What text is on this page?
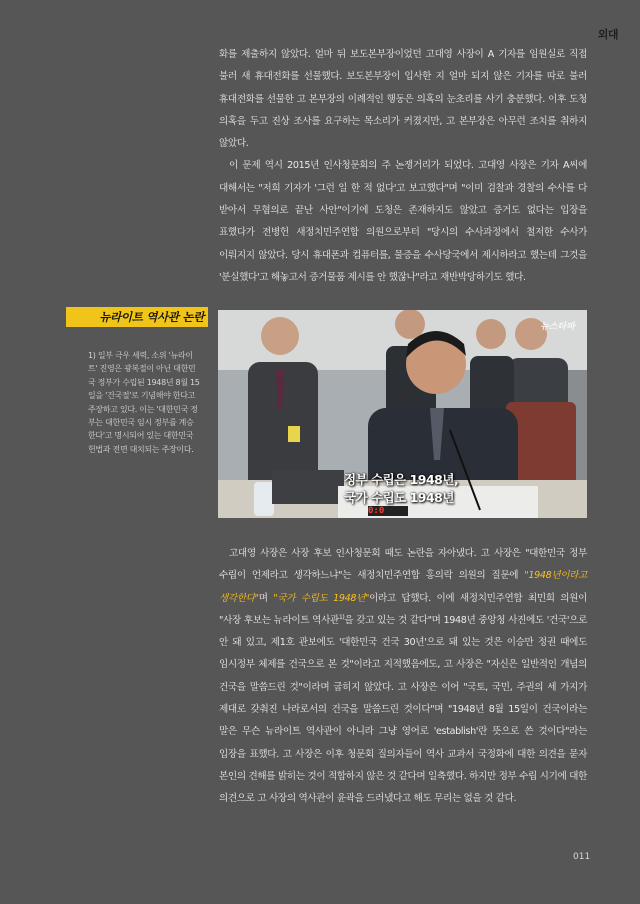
외대

화를 제출하지 않았다. 얼마 뒤 보도본부장이었던 고대영 사장이 A 기자를 임원실로 직접 불러 새 휴대전화를 선물했다. 보도본부장이 입사한 지 얼마 되지 않은 기자를 따로 불러 휴대전화를 선물한 고 본부장의 이례적인 행동은 의혹의 눈초리를 사기 충분했다. 이후 도청 의혹을 두고 진상 조사를 요구하는 목소리가 커졌지만, 고 본부장은 아무런 조치를 취하지 않았다.

이 문제 역시 2015년 인사청문회의 주 논쟁거리가 되었다. 고대영 사장은 기자 A씨에 대해서는 "저희 기자가 '그런 일 한 적 없다'고 보고했다"며 "이미 검찰과 경찰의 수사를 다 받아서 무혐의로 끝난 사안"이기에 도청은 존재하지도 않았고 증거도 없다는 입장을 표했다가 전병헌 새정치민주연합 의원으로부터 "당시의 수사과정에서 철저한 수사가 이뤄지지 않았다. 당시 휴대폰과 컴퓨터를, 물증을 수사당국에서 제시하라고 했는데 그것을 '분실했다'고 해놓고서 증거물품 제시를 안 했잖나"라고 재반박당하기도 했다.

뉴라이트 역사관 논란
1) 일부 극우 세력, 소위 '뉴라이트' 진영은 광복절이 아닌 대한민국 정부가 수립된 1948년 8월 15일을 '건국절'로 기념해야 한다고 주장하고 있다. 이는 '대한민국 정부는 대한민국 임시 정부를 계승한다'고 명시되어 있는 대한민국 헌법과 전면 대치되는 주장이다.
뉴스타파
정부 수립은 1948년,
국가 수립도 1948년
0:0

고대영 사장은 사장 후보 인사청문회 때도 논란을 자아냈다. 고 사장은 "대한민국 정부 수립이 언제라고 생각하느냐"는 새정치민주연합 홍의락 의원의 질문에 "1948년이라고 생각한다"며 "국가 수립도 1948년"이라고 답했다. 이에 새정치민주연합 최민희 의원이 "사장 후보는 뉴라이트 역사관$^{1)}$을 갖고 있는 것 같다"며 1948년 중앙청 사진에도 '건국'으로 안 돼 있고, 제1호 관보에도 '대한민국 건국 30년'으로 돼 있는 것은 이승만 정권 때에도 임시정부 체제를 건국으로 본 것"이라고 지적했음에도, 고 사장은 "자신은 일반적인 개념의 건국을 말씀드린 것"이라며 굽히지 않았다. 고 사장은 이어 "국토, 국민, 주권의 세 가지가 제대로 갖춰진 나라로서의 건국을 말씀드린 것이다"며 "1948년 8월 15일이 건국이라는 말은 무슨 뉴라이트 역사관이 아니라 그냥 영어로 'establish'란 뜻으로 쓴 것이다"라는 입장을 표했다. 고 사장은 이후 청문회 질의자들이 역사 교과서 국정화에 대한 의견을 묻자 본인의 견해를 밝히는 것이 적합하지 않은 것 같다며 일축했다. 하지만 정부 수립 시기에 대한 의견으로 고 사장의 역사관이 윤곽을 드러냈다고 해도 무리는 없을 것 같다.

011
